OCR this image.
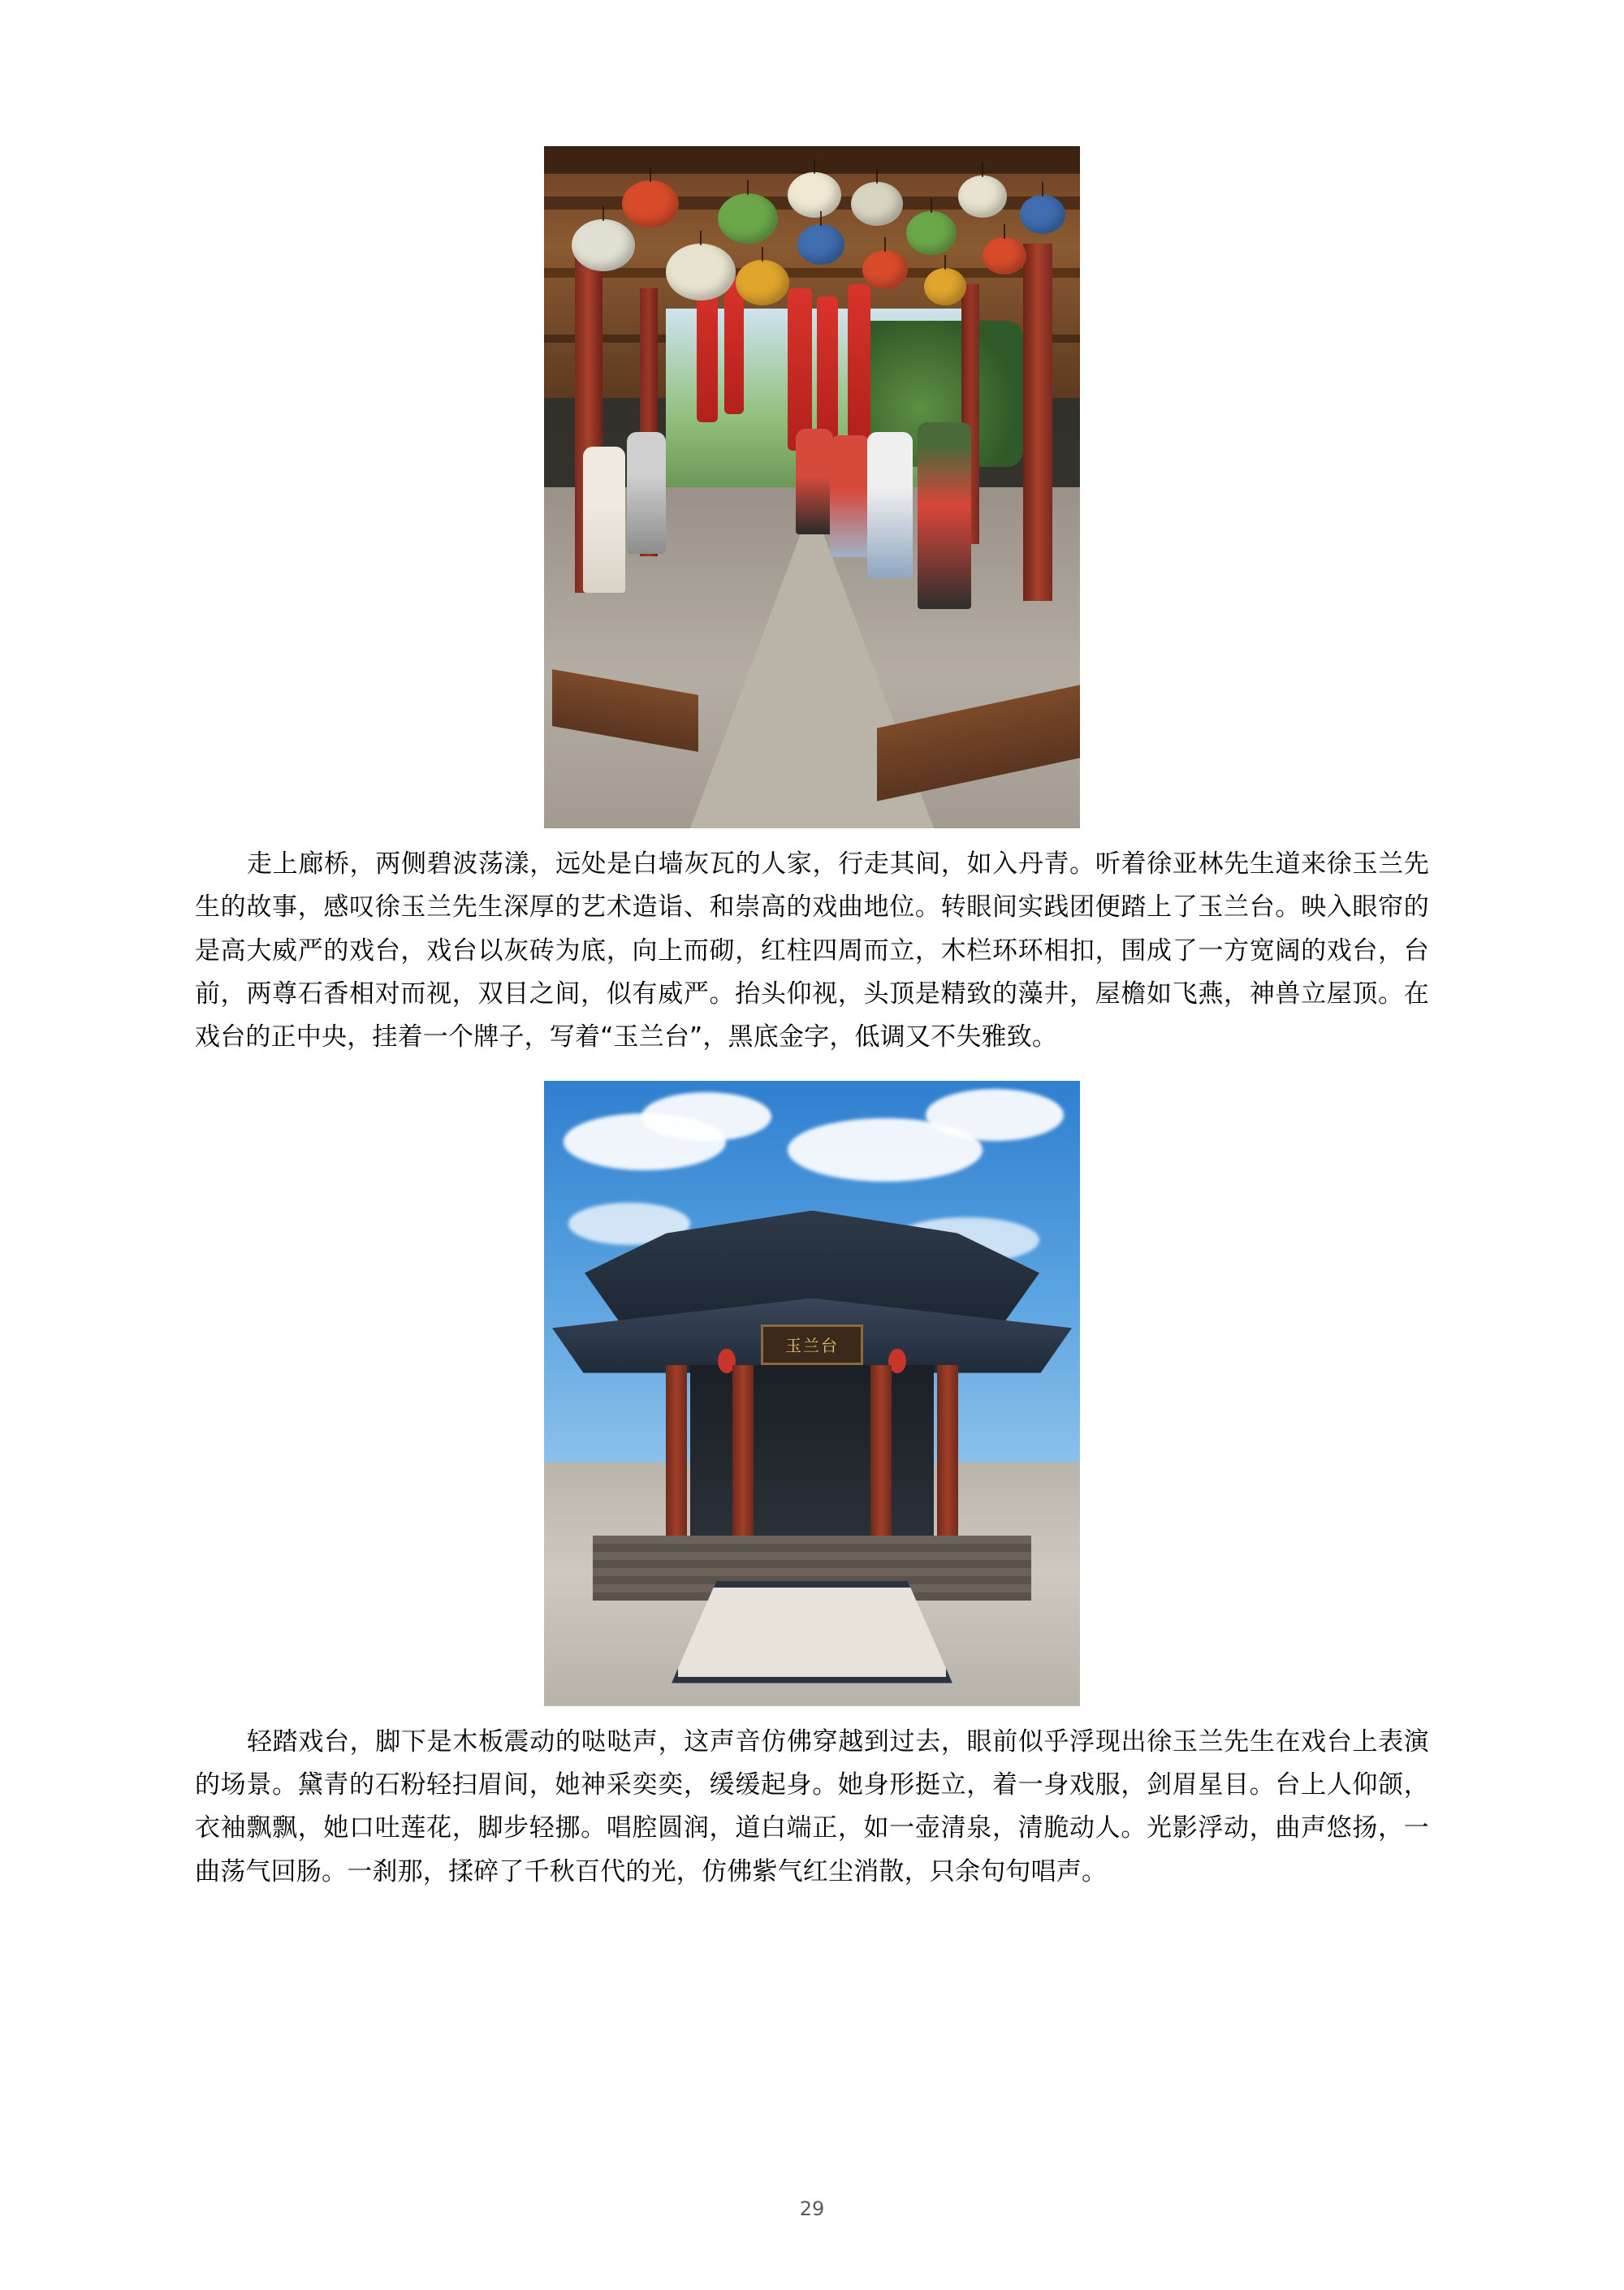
走上廊桥，两侧碧波荡漾，远处是白墙灰瓦的人家，行走其间，如入丹青。听着徐亚林先生道来徐玉兰先生的故事，感叹徐玉兰先生深厚的艺术造诣、和崇高的戏曲地位。转眼间实践团便踏上了玉兰台。映入眼帘的是高大威严的戏台，戏台以灰砖为底，向上而砌，红柱四周而立，木栏环环相扣，围成了一方宽阔的戏台，台前，两尊石香相对而视，双目之间，似有威严。抬头仰视，头顶是精致的藻井，屋檐如飞燕，神兽立屋顶。在戏台的正中央，挂着一个牌子，写着“玉兰台”，黑底金字，低调又不失雅致。

玉兰台

轻踏戏台，脚下是木板震动的哒哒声，这声音仿佛穿越到过去，眼前似乎浮现出徐玉兰先生在戏台上表演的场景。黛青的石粉轻扫眉间，她神采奕奕，缓缓起身。她身形挺立，着一身戏服，剑眉星目。台上人仰颌，衣袖飘飘，她口吐莲花，脚步轻挪。唱腔圆润，道白端正，如一壶清泉，清脆动人。光影浮动，曲声悠扬，一曲荡气回肠。一刹那，揉碎了千秋百代的光，仿佛紫气红尘消散，只余句句唱声。

29
